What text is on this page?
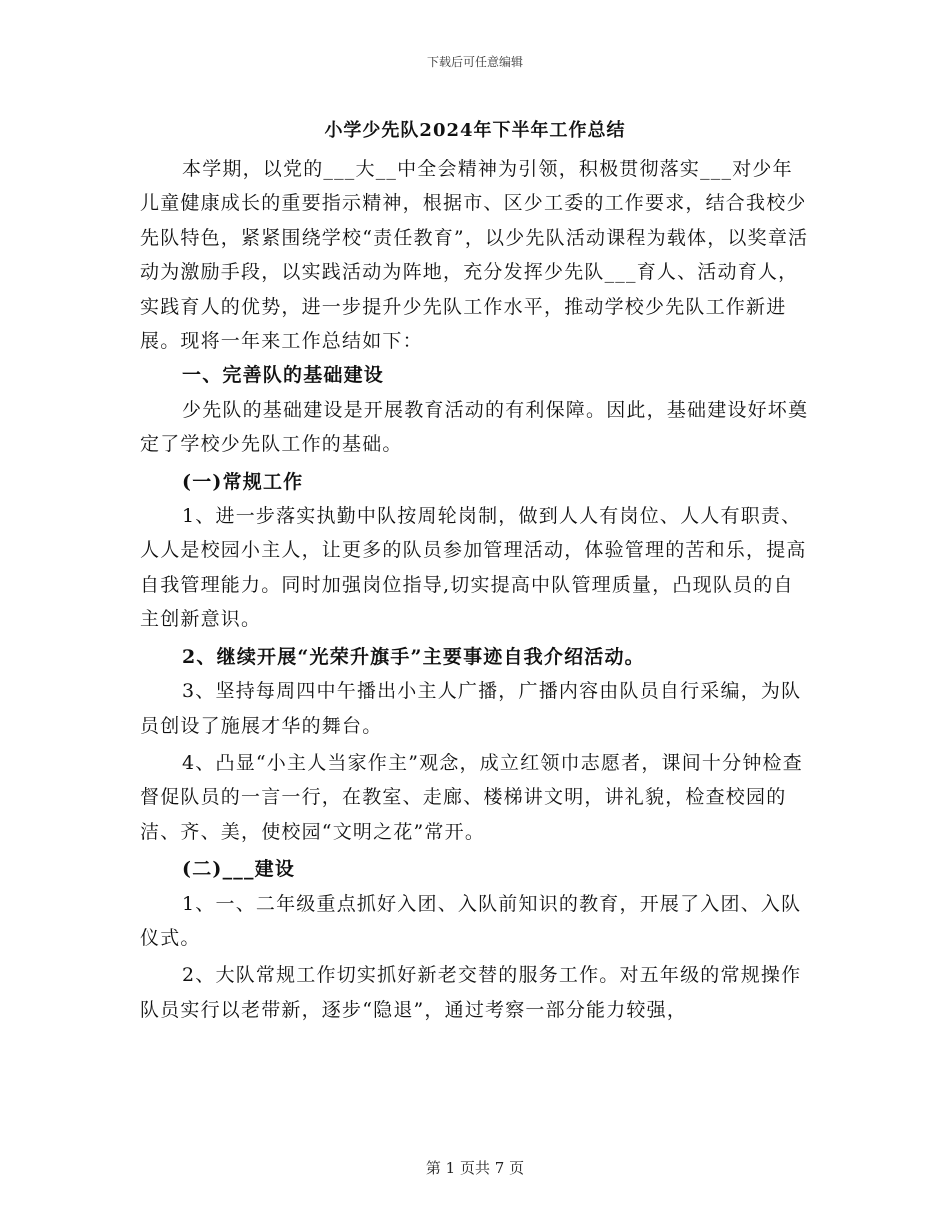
下载后可任意编辑
小学少先队2024年下半年工作总结

本学期，以党的___大__中全会精神为引领，积极贯彻落实___对少年儿童健康成长的重要指示精神，根据市、区少工委的工作要求，结合我校少先队特色，紧紧围绕学校“责任教育”，以少先队活动课程为载体，以奖章活动为激励手段，以实践活动为阵地，充分发挥少先队___育人、活动育人，实践育人的优势，进一步提升少先队工作水平，推动学校少先队工作新进展。现将一年来工作总结如下：

一、完善队的基础建设

少先队的基础建设是开展教育活动的有利保障。因此，基础建设好坏奠定了学校少先队工作的基础。

(一)常规工作

1、进一步落实执勤中队按周轮岗制，做到人人有岗位、人人有职责、人人是校园小主人，让更多的队员参加管理活动，体验管理的苦和乐，提高自我管理能力。同时加强岗位指导,切实提高中队管理质量，凸现队员的自主创新意识。

2、继续开展“光荣升旗手”主要事迹自我介绍活动。

3、坚持每周四中午播出小主人广播，广播内容由队员自行采编，为队员创设了施展才华的舞台。

4、凸显“小主人当家作主”观念，成立红领巾志愿者，课间十分钟检查督促队员的一言一行，在教室、走廊、楼梯讲文明，讲礼貌，检查校园的洁、齐、美，使校园“文明之花”常开。

(二)___建设

1、一、二年级重点抓好入团、入队前知识的教育，开展了入团、入队仪式。

2、大队常规工作切实抓好新老交替的服务工作。对五年级的常规操作队员实行以老带新，逐步“隐退”，通过考察一部分能力较强，

第 1 页共 7 页
